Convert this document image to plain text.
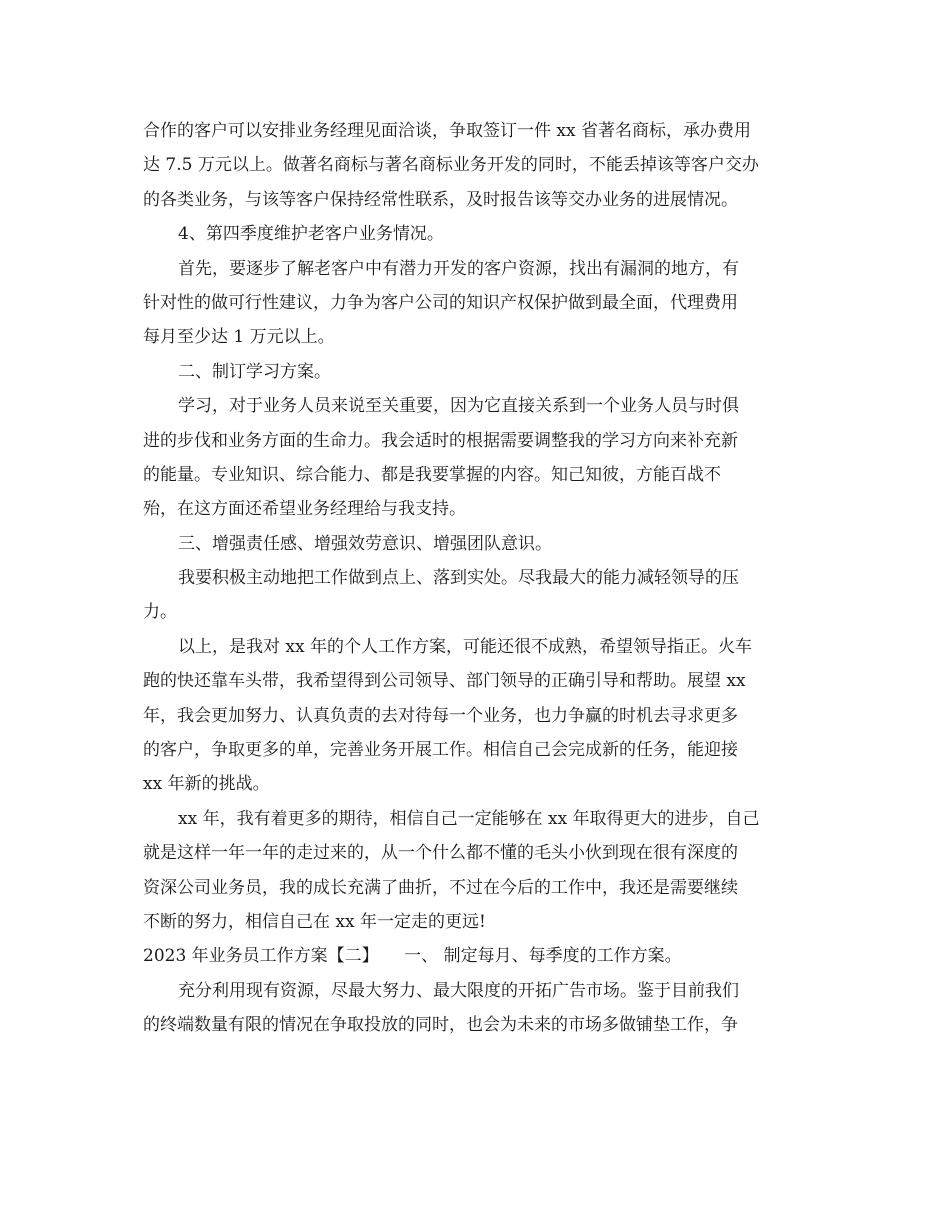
合作的客户可以安排业务经理见面洽谈，争取签订一件 xx 省著名商标，承办费用
达 7.5 万元以上。做著名商标与著名商标业务开发的同时，不能丢掉该等客户交办
的各类业务，与该等客户保持经常性联系，及时报告该等交办业务的进展情况。
4、第四季度维护老客户业务情况。
首先，要逐步了解老客户中有潜力开发的客户资源，找出有漏洞的地方，有
针对性的做可行性建议，力争为客户公司的知识产权保护做到最全面，代理费用
每月至少达 1 万元以上。
二、制订学习方案。
学习，对于业务人员来说至关重要，因为它直接关系到一个业务人员与时俱
进的步伐和业务方面的生命力。我会适时的根据需要调整我的学习方向来补充新
的能量。专业知识、综合能力、都是我要掌握的内容。知己知彼，方能百战不
殆，在这方面还希望业务经理给与我支持。
三、增强责任感、增强效劳意识、增强团队意识。
我要积极主动地把工作做到点上、落到实处。尽我最大的能力减轻领导的压
力。
以上，是我对 xx 年的个人工作方案，可能还很不成熟，希望领导指正。火车
跑的快还靠车头带，我希望得到公司领导、部门领导的正确引导和帮助。展望 xx
年，我会更加努力、认真负责的去对待每一个业务，也力争赢的时机去寻求更多
的客户，争取更多的单，完善业务开展工作。相信自己会完成新的任务，能迎接
xx 年新的挑战。
xx 年，我有着更多的期待，相信自己一定能够在 xx 年取得更大的进步，自己
就是这样一年一年的走过来的，从一个什么都不懂的毛头小伙到现在很有深度的
资深公司业务员，我的成长充满了曲折，不过在今后的工作中，我还是需要继续
不断的努力，相信自己在 xx 年一定走的更远!
2023 年业务员工作方案【二】　　一、 制定每月、每季度的工作方案。
充分利用现有资源，尽最大努力、最大限度的开拓广告市场。鉴于目前我们
的终端数量有限的情况在争取投放的同时，也会为未来的市场多做铺垫工作，争
